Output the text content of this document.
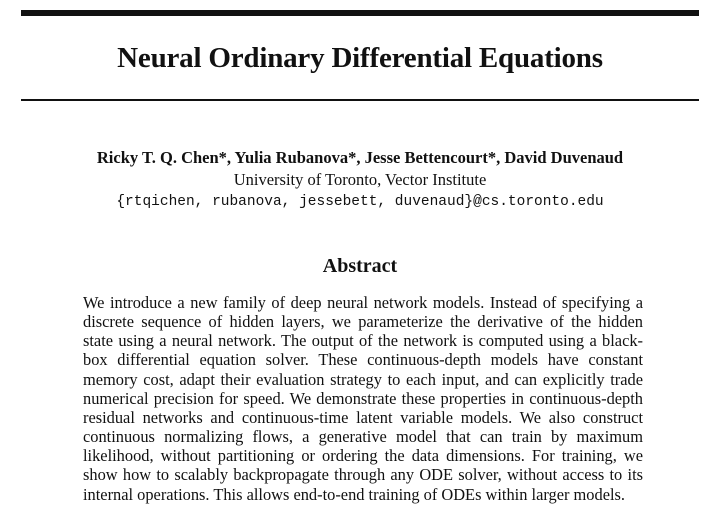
Neural Ordinary Differential Equations
Ricky T. Q. Chen*, Yulia Rubanova*, Jesse Bettencourt*, David Duvenaud
University of Toronto, Vector Institute
{rtqichen, rubanova, jessebett, duvenaud}@cs.toronto.edu
Abstract
We introduce a new family of deep neural network models. Instead of specifying a
discrete sequence of hidden layers, we parameterize the derivative of the hidden
state using a neural network. The output of the network is computed using a black-
box differential equation solver. These continuous-depth models have constant
memory cost, adapt their evaluation strategy to each input, and can explicitly trade
numerical precision for speed. We demonstrate these properties in continuous-depth
residual networks and continuous-time latent variable models. We also construct
continuous normalizing flows, a generative model that can train by maximum
likelihood, without partitioning or ordering the data dimensions. For training, we
show how to scalably backpropagate through any ODE solver, without access to its
internal operations. This allows end-to-end training of ODEs within larger models.
